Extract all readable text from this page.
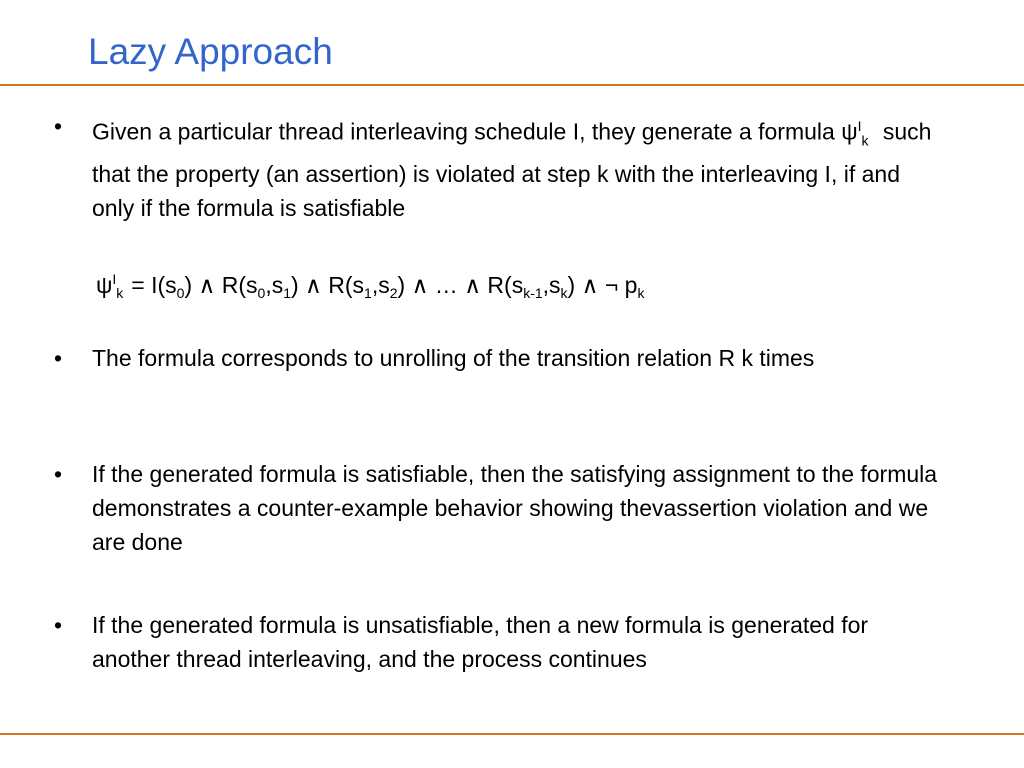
Lazy Approach
• Given a particular thread interleaving schedule I, they generate a formula $\psi^I_k$ such that the property (an assertion) is violated at step k with the interleaving I, if and only if the formula is satisfiable
$\psi^I_k = I(s_0)$ ∧ $R(s_0,s_1)$ ∧ $R(s_1,s_2)$ ∧ … ∧ $R(s_{k-1},s_k)$ ∧ ¬ $p_k$
• The formula corresponds to unrolling of the transition relation R k times
• If the generated formula is satisfiable, then the satisfying assignment to the formula demonstrates a counter-example behavior showing thevassertion violation and we are done
• If the generated formula is unsatisfiable, then a new formula is generated for another thread interleaving, and the process continues
